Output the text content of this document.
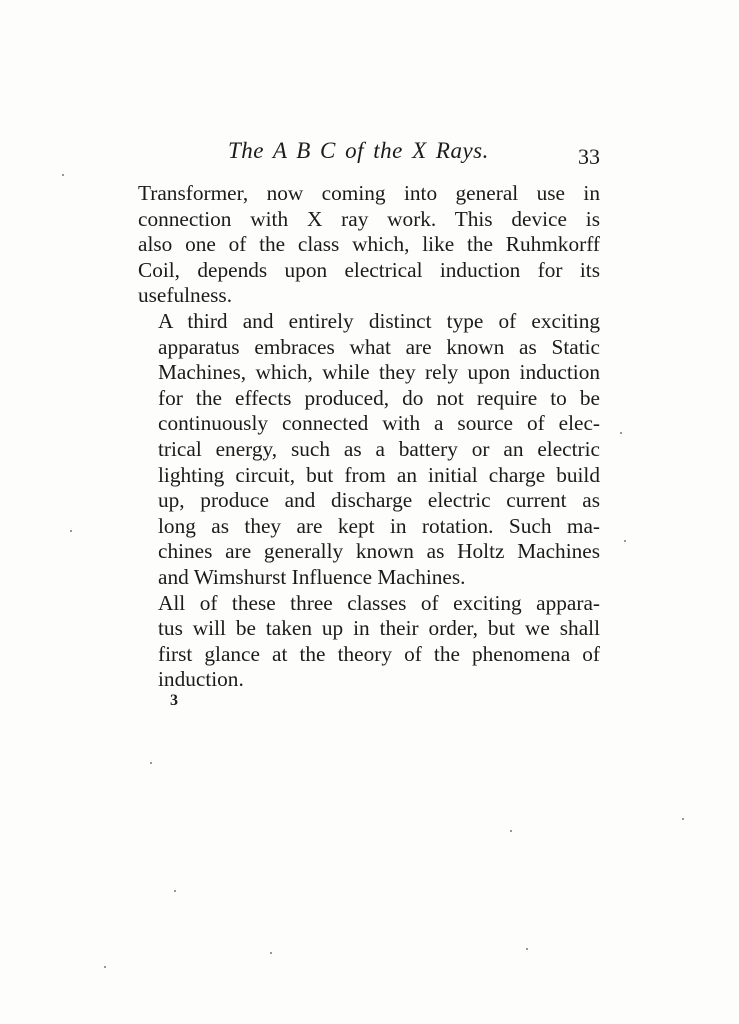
The A B C of the X Rays.	33

Transformer, now coming into general use in
connection with X ray work. This device is
also one of the class which, like the Ruhmkorff
Coil, depends upon electrical induction for its
usefulness.

A third and entirely distinct type of exciting
apparatus embraces what are known as Static
Machines, which, while they rely upon induction
for the effects produced, do not require to be
continuously connected with a source of elec-
trical energy, such as a battery or an electric
lighting circuit, but from an initial charge build
up, produce and discharge electric current as
long as they are kept in rotation. Such ma-
chines are generally known as Holtz Machines
and Wimshurst Influence Machines.

All of these three classes of exciting appara-
tus will be taken up in their order, but we shall
first glance at the theory of the phenomena of
induction.

3
